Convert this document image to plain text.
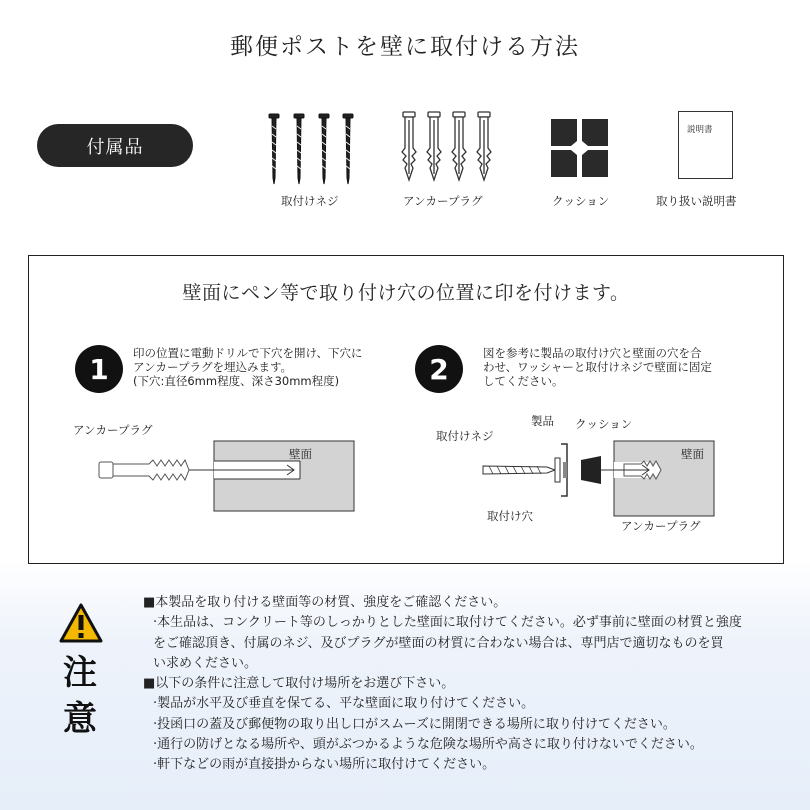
郵便ポストを壁に取付ける方法
付属品
取付けネジ	アンカープラグ	クッション
説明書
取り扱い説明書
壁面にペン等で取り付け穴の位置に印を付けます。
1	印の位置に電動ドリルで下穴を開け、下穴に
アンカープラグを埋込みます。
(下穴:直径6mm程度、深さ30mm程度)	2	図を参考に製品の取付け穴と壁面の穴を合
わせ、ワッシャーと取付けネジで壁面に固定
してください。
アンカープラグ
壁面
取付けネジ
製品 クッション
壁面
取付け穴
アンカープラグ
注
意
■本製品を取り付ける壁面等の材質、強度をご確認ください。
·本生品は、コンクリート等のしっかりとした壁面に取付けてください。必ず事前に壁面の材質と強度
をご確認頂き、付属のネジ、及びプラグが壁面の材質に合わない場合は、専門店で適切なものを買
い求めください。
■以下の条件に注意して取付け場所をお選び下さい。
·製品が水平及び垂直を保てる、平な壁面に取り付けてください。
·投函口の蓋及び郵便物の取り出し口がスムーズに開閉できる場所に取り付けてください。
·通行の防げとなる場所や、頭がぶつかるような危険な場所や高さに取り付けないでください。
·軒下などの雨が直接掛からない場所に取付けてください。
